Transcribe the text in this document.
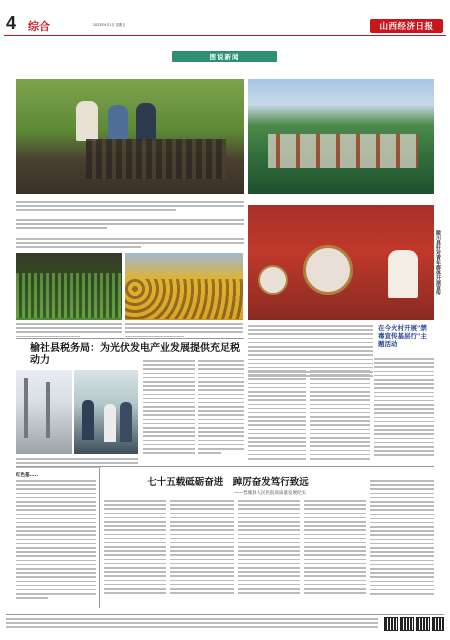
4 综合	2023年9月1日 星期五	山西经济日报
图说新闻
陵川县针对青年群体开展宣传
在今火村开展"禁毒宣传基层行"主题活动
榆社县税务局：为光伏发电产业发展提供充足税动力
七十五载砥砺奋进　踔厉奋发笃行致远
——晋城县人民医院高质量发展纪实
红色基.....
